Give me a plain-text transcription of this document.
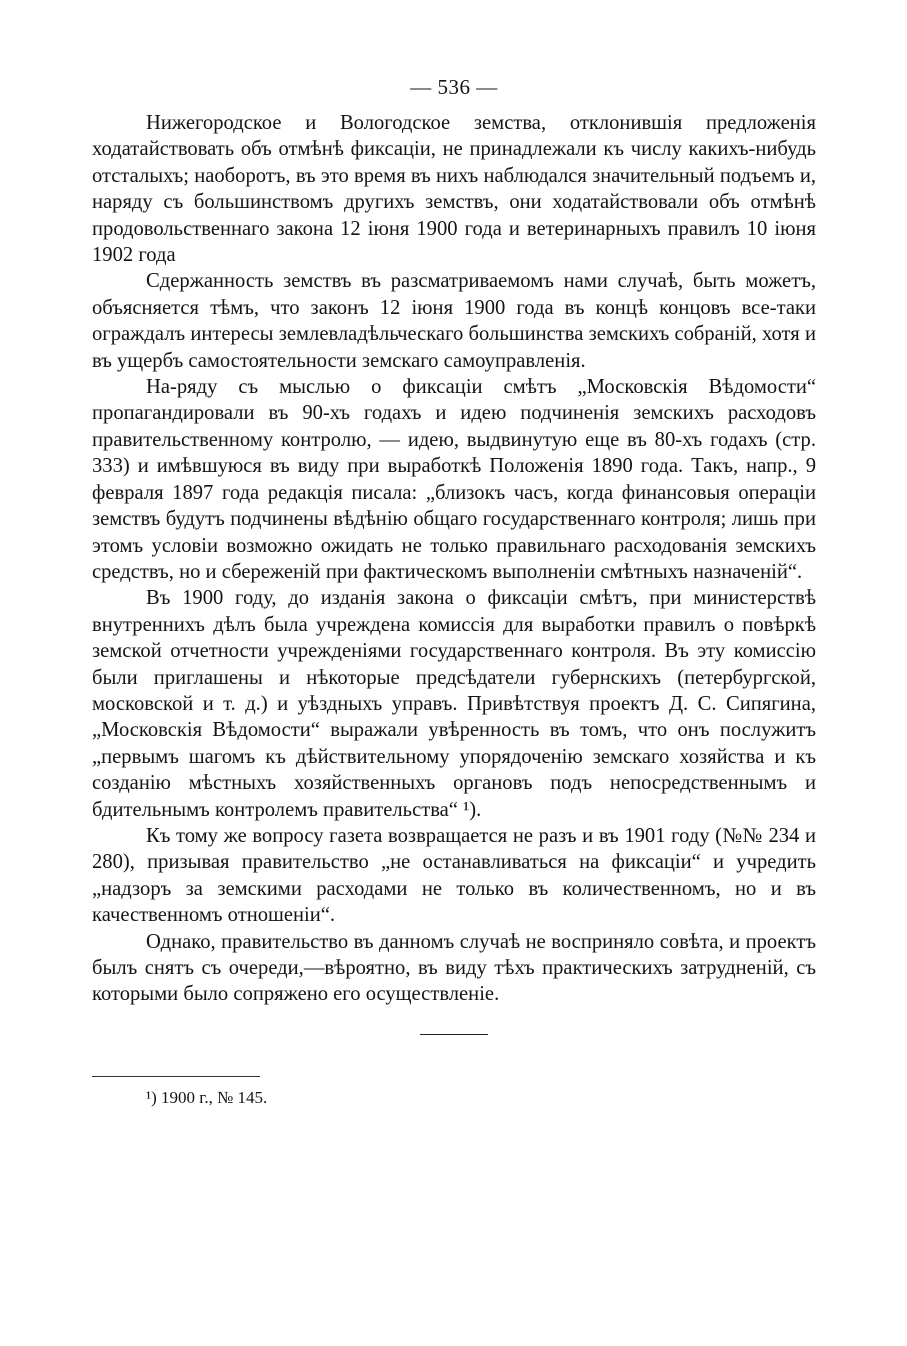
— 536 —

Нижегородское и Вологодское земства, отклонившія предложенія ходатайствовать объ отмѣнѣ фиксаціи, не принадлежали къ числу какихъ-нибудь отсталыхъ; наоборотъ, въ это время въ нихъ наблюдался значительный подъемъ и, наряду съ большинствомъ другихъ земствъ, они ходатайствовали объ отмѣнѣ продовольственнаго закона 12 іюня 1900 года и ветеринарныхъ правилъ 10 іюня 1902 года

Сдержанность земствъ въ разсматриваемомъ нами случаѣ, быть можетъ, объясняется тѣмъ, что законъ 12 іюня 1900 года въ концѣ концовъ все-таки ограждалъ интересы землевладѣльческаго большинства земскихъ собраній, хотя и въ ущербъ самостоятельности земскаго самоуправленія.

На-ряду съ мыслью о фиксаціи смѣтъ „Московскія Вѣдомости“ пропагандировали въ 90-хъ годахъ и идею подчиненія земскихъ расходовъ правительственному контролю, — идею, выдвинутую еще въ 80-хъ годахъ (стр. 333) и имѣвшуюся въ виду при выработкѣ Положенія 1890 года. Такъ, напр., 9 февраля 1897 года редакція писала: „близокъ часъ, когда финансовыя операціи земствъ будутъ подчинены вѣдѣнію общаго государственнаго контроля; лишь при этомъ условіи возможно ожидать не только правильнаго расходованія земскихъ средствъ, но и сбереженій при фактическомъ выполненіи смѣтныхъ назначеній“.

Въ 1900 году, до изданія закона о фиксаціи смѣтъ, при министерствѣ внутреннихъ дѣлъ была учреждена комиссія для выработки правилъ о повѣркѣ земской отчетности учрежденіями государственнаго контроля. Въ эту комиссію были приглашены и нѣкоторые предсѣдатели губернскихъ (петербургской, московской и т. д.) и уѣздныхъ управъ. Привѣтствуя проектъ Д. С. Сипягина, „Московскія Вѣдомости“ выражали увѣренность въ томъ, что онъ послужитъ „первымъ шагомъ къ дѣйствительному упорядоченію земскаго хозяйства и къ созданію мѣстныхъ хозяйственныхъ органовъ подъ непосредственнымъ и бдительнымъ контролемъ правительства“ ¹).

Къ тому же вопросу газета возвращается не разъ и въ 1901 году (№№ 234 и 280), призывая правительство „не останавливаться на фиксаціи“ и учредить „надзоръ за земскими расходами не только въ количественномъ, но и въ качественномъ отношеніи“.

Однако, правительство въ данномъ случаѣ не восприняло совѣта, и проектъ былъ снятъ съ очереди,—вѣроятно, въ виду тѣхъ практическихъ затрудненій, съ которыми было сопряжено его осуществленіе.

¹) 1900 г., № 145.
